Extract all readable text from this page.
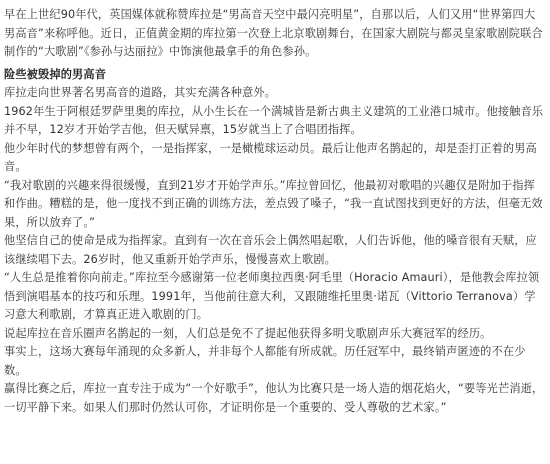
早在上世纪90年代，英国媒体就称赞库拉是“男高音天空中最闪亮明星”，自那以后，人们又用“世界第四大男高音”来称呼他。近日，正值黄金期的库拉第一次登上北京歌剧舞台，在国家大剧院与都灵皇家歌剧院联合制作的“大歌剧”《参孙与达丽拉》中饰演他最拿手的角色参孙。

险些被毁掉的男高音

库拉走向世界著名男高音的道路，其实充满各种意外。

1962年生于阿根廷罗萨里奥的库拉，从小生长在一个满城皆是新古典主义建筑的工业港口城市。他接触音乐并不早，12岁才开始学吉他，但天赋异禀，15岁就当上了合唱团指挥。

他少年时代的梦想曾有两个，一是指挥家，一是橄榄球运动员。最后让他声名鹊起的，却是歪打正着的男高音。

“我对歌剧的兴趣来得很缓慢，直到21岁才开始学声乐。”库拉曾回忆，他最初对歌唱的兴趣仅是附加于指挥和作曲。糟糕的是，他一度找不到正确的训练方法，差点毁了嗓子，“我一直试图找到更好的方法，但毫无效果，所以放弃了。”

他坚信自己的使命是成为指挥家。直到有一次在音乐会上偶然唱起歌，人们告诉他，他的嗓音很有天赋，应该继续唱下去。26岁时，他又重新开始学声乐，慢慢喜欢上歌剧。

“人生总是推着你向前走。”库拉至今感谢第一位老师奥拉西奥·阿毛里（Horacio Amauri），是他教会库拉领悟到演唱基本的技巧和乐理。1991年，当他前往意大利，又跟随维托里奥·诺瓦（Vittorio Terranova）学习意大利歌剧，才算真正进入歌剧的门。

说起库拉在音乐圈声名鹊起的一刻，人们总是免不了提起他获得多明戈歌剧声乐大赛冠军的经历。

事实上，这场大赛每年涌现的众多新人，并非每个人都能有所成就。历任冠军中，最终销声匿迹的不在少数。

赢得比赛之后，库拉一直专注于成为“一个好歌手”，他认为比赛只是一场人造的烟花焰火，“要等光芒消逝，一切平静下来。如果人们那时仍然认可你，才证明你是一个重要的、受人尊敬的艺术家。”
